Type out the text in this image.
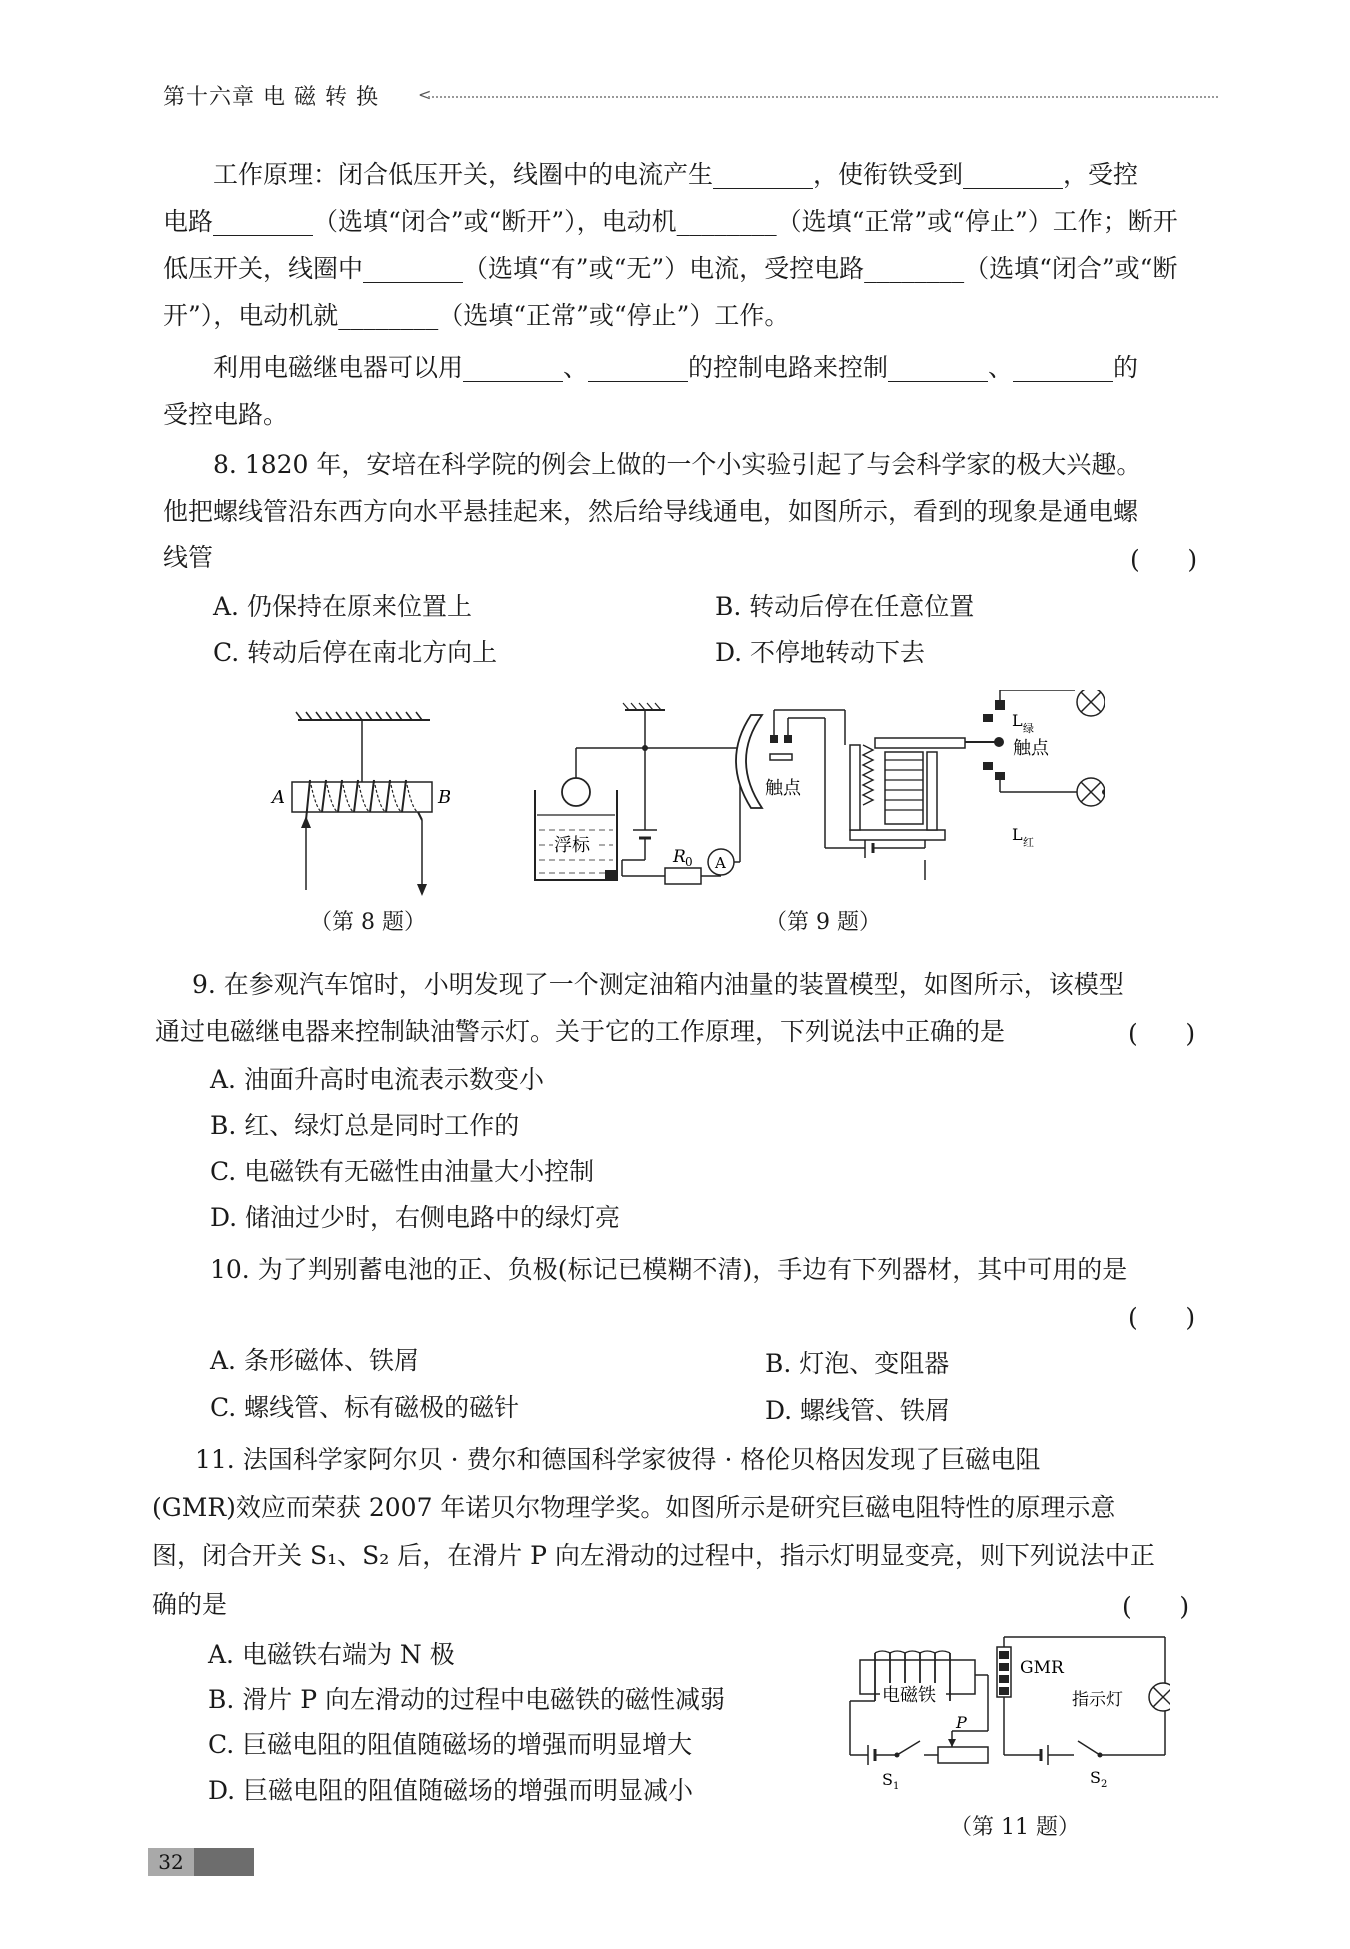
第十六章 电 磁 转 换 <
工作原理：闭合低压开关，线圈中的电流产生________，使衔铁受到________，受控
电路________（选填“闭合”或“断开”），电动机________（选填“正常”或“停止”）工作；断开
低压开关，线圈中________（选填“有”或“无”）电流，受控电路________（选填“闭合”或“断
开”），电动机就________（选填“正常”或“停止”）工作。
利用电磁继电器可以用________、________的控制电路来控制________、________的
受控电路。
8. 1820 年，安培在科学院的例会上做的一个小实验引起了与会科学家的极大兴趣。
他把螺线管沿东西方向水平悬挂起来，然后给导线通电，如图所示，看到的现象是通电螺
线管	(      )
A. 仍保持在原来位置上	B. 转动后停在任意位置
C. 转动后停在南北方向上	D. 不停地转动下去
A	B
（第 8 题）
浮标
R 0 A
触点
触点
L 绿
L 红
（第 9 题）
9. 在参观汽车馆时，小明发现了一个测定油箱内油量的装置模型，如图所示，该模型
通过电磁继电器来控制缺油警示灯。关于它的工作原理，下列说法中正确的是	(      )
A. 油面升高时电流表示数变小
B. 红、绿灯总是同时工作的
C. 电磁铁有无磁性由油量大小控制
D. 储油过少时，右侧电路中的绿灯亮
10. 为了判别蓄电池的正、负极(标记已模糊不清)，手边有下列器材，其中可用的是
(      )
A. 条形磁体、铁屑	B. 灯泡、变阻器
C. 螺线管、标有磁极的磁针	D. 螺线管、铁屑
11. 法国科学家阿尔贝 · 费尔和德国科学家彼得 · 格伦贝格因发现了巨磁电阻
(GMR)效应而荣获 2007 年诺贝尔物理学奖。如图所示是研究巨磁电阻特性的原理示意
图，闭合开关 S₁、S₂ 后，在滑片 P 向左滑动的过程中，指示灯明显变亮，则下列说法中正
确的是	(      )
A. 电磁铁右端为 N 极
B. 滑片 P 向左滑动的过程中电磁铁的磁性减弱
C. 巨磁电阻的阻值随磁场的增强而明显增大
D. 巨磁电阻的阻值随磁场的增强而明显减小
电磁铁
S 1
P
GMR
指示灯
S 2
（第 11 题）
32
